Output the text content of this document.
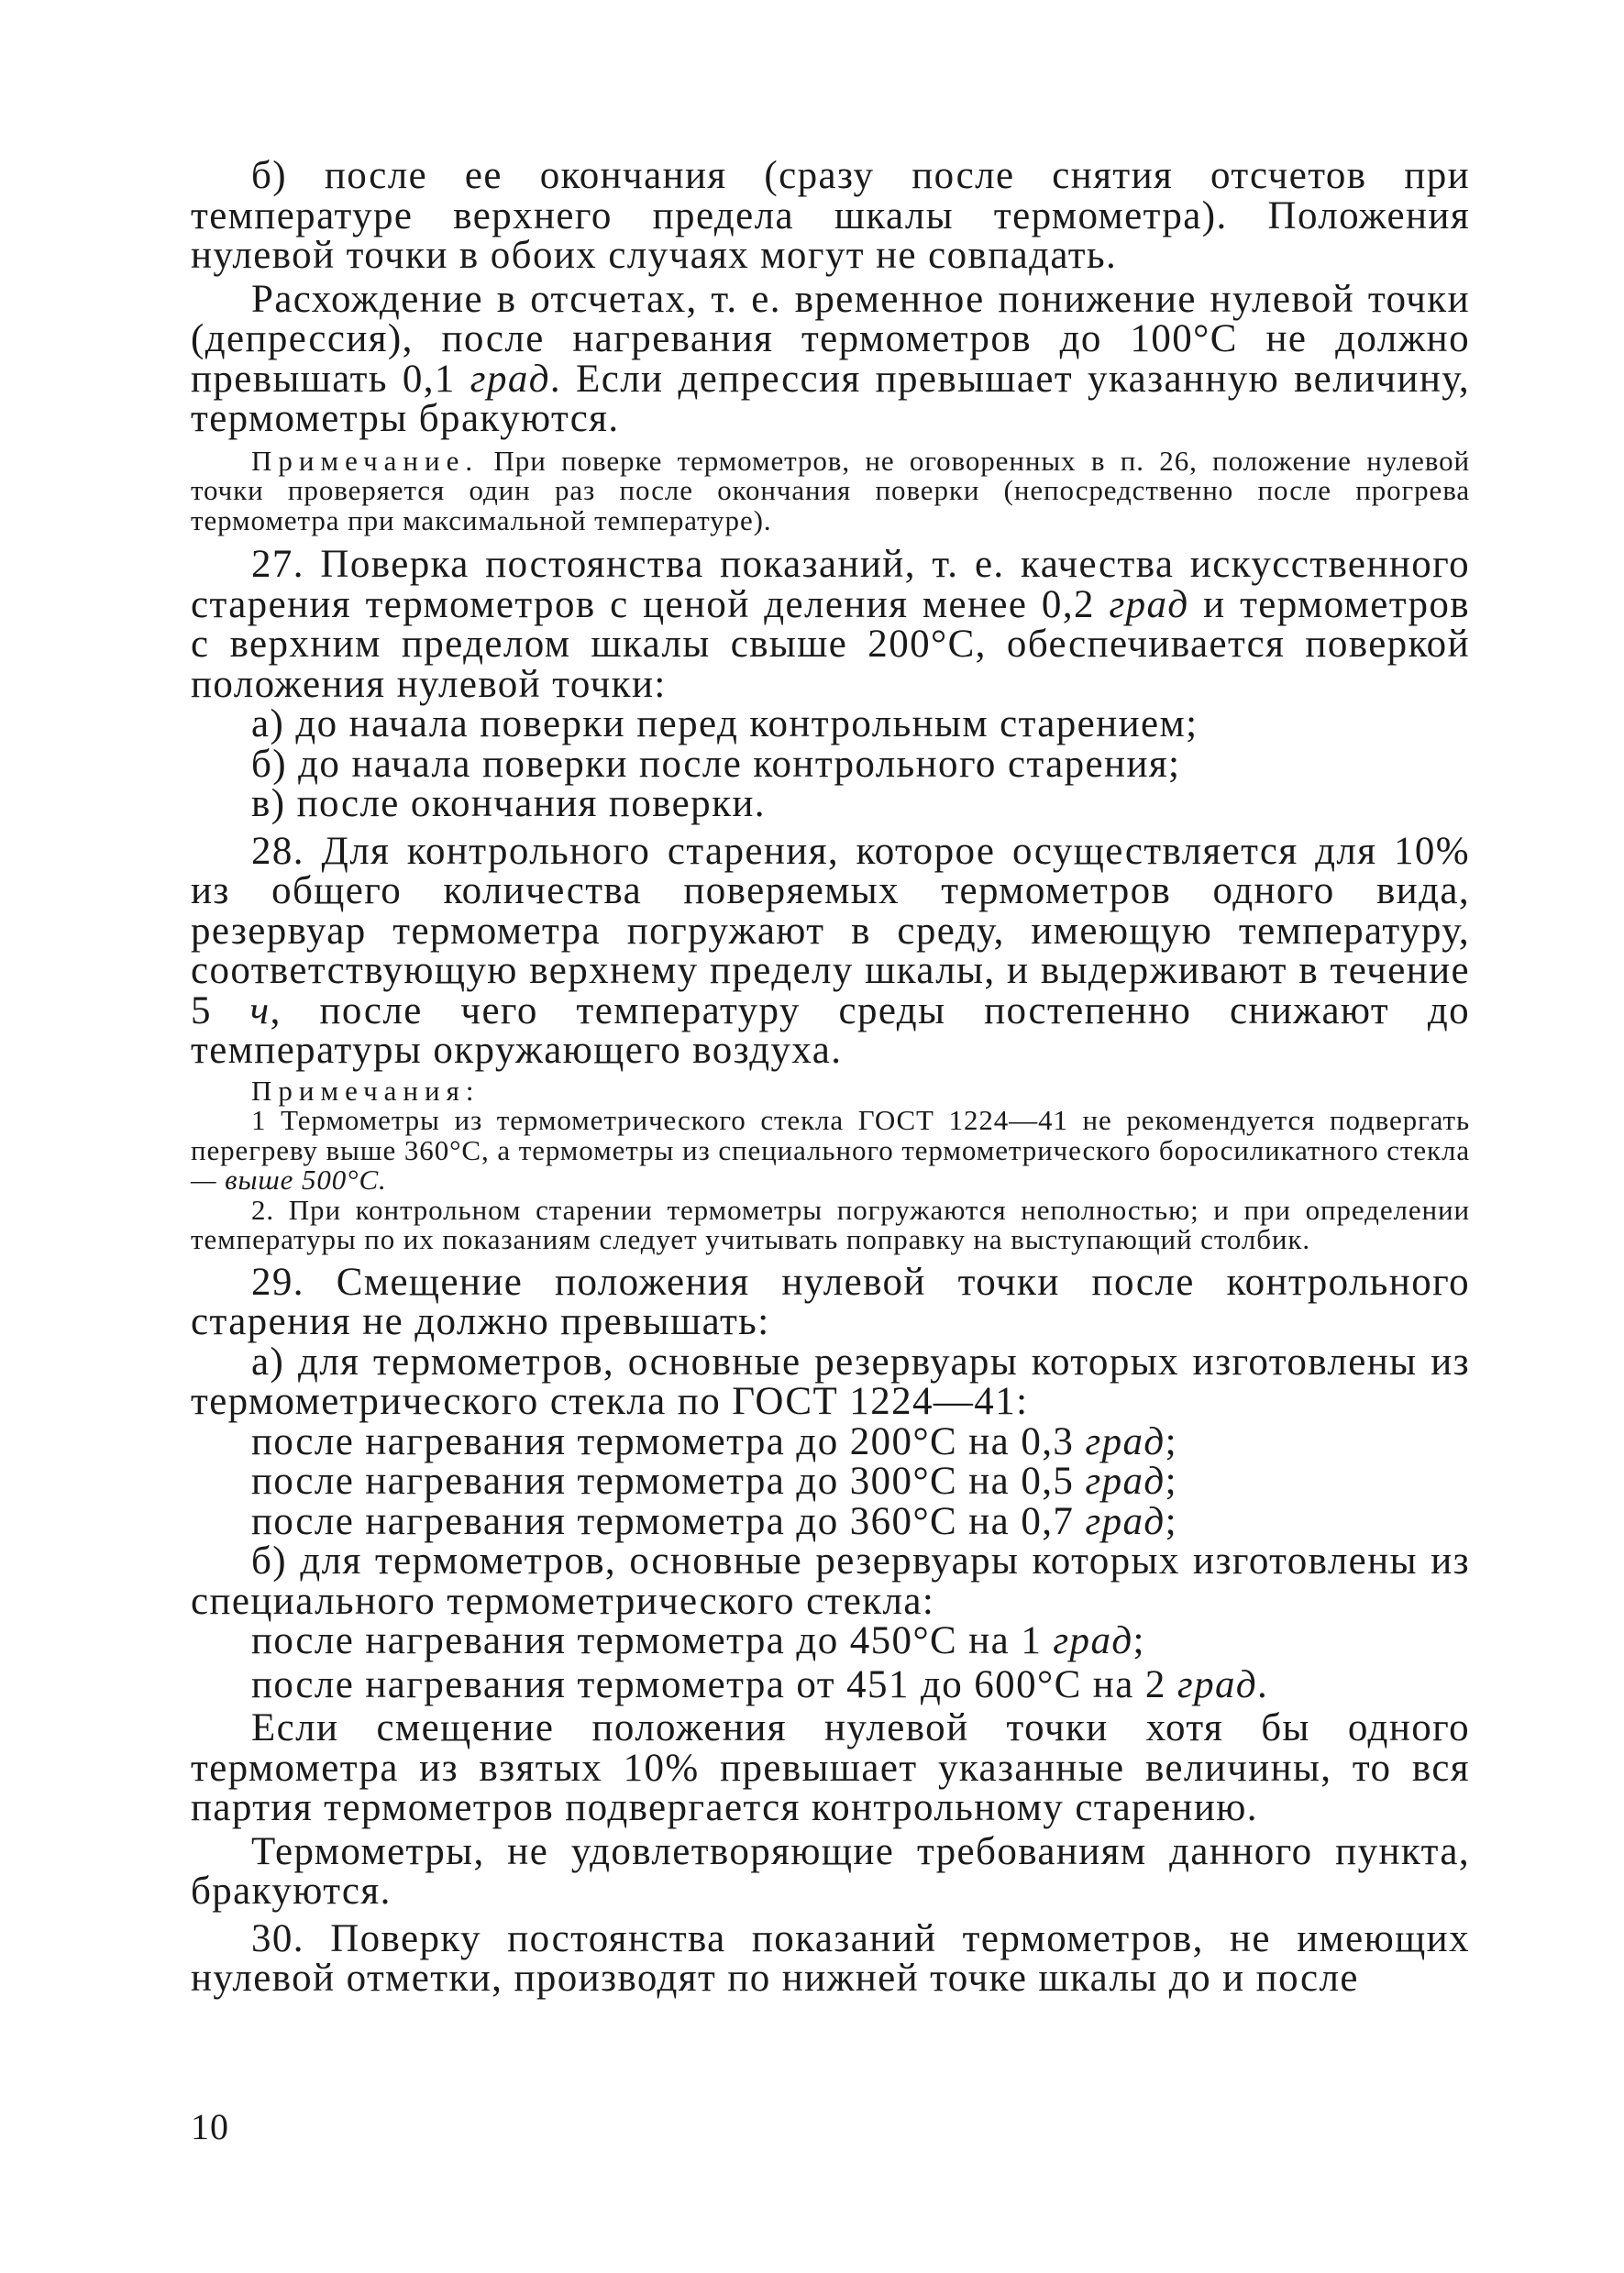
б) после ее окончания (сразу после снятия отсчетов при температуре верхнего предела шкалы термометра). Положения нулевой точки в обоих случаях могут не совпадать.

Расхождение в отсчетах, т. е. временное понижение нулевой точки (депрессия), после нагревания термометров до 100°С не должно превышать 0,1 град. Если депрессия превышает указанную величину, термометры бракуются.

Примечание. При поверке термометров, не оговоренных в п. 26, положение нулевой точки проверяется один раз после окончания поверки (непосредственно после прогрева термометра при максимальной температуре).

27. Поверка постоянства показаний, т. е. качества искусственного старения термометров с ценой деления менее 0,2 град и термометров с верхним пределом шкалы свыше 200°С, обеспечивается поверкой положения нулевой точки:

а) до начала поверки перед контрольным старением;

б) до начала поверки после контрольного старения;

в) после окончания поверки.

28. Для контрольного старения, которое осуществляется для 10% из общего количества поверяемых термометров одного вида, резервуар термометра погружают в среду, имеющую температуру, соответствующую верхнему пределу шкалы, и выдерживают в течение 5 ч, после чего температуру среды постепенно снижают до температуры окружающего воздуха.

Примечания:

1 Термометры из термометрического стекла ГОСТ 1224—41 не рекомендуется подвергать перегреву выше 360°С, а термометры из специального термометрического боросиликатного стекла — выше 500°С.

2. При контрольном старении термометры погружаются неполностью; и при определении температуры по их показаниям следует учитывать поправку на выступающий столбик.

29. Смещение положения нулевой точки после контрольного старения не должно превышать:

а) для термометров, основные резервуары которых изготовлены из термометрического стекла по ГОСТ 1224—41:

после нагревания термометра до 200°С на 0,3 град;

после нагревания термометра до 300°С на 0,5 град;

после нагревания термометра до 360°С на 0,7 град;

б) для термометров, основные резервуары которых изготовлены из специального термометрического стекла:

после нагревания термометра до 450°С на 1 град;

после нагревания термометра от 451 до 600°С на 2 град.

Если смещение положения нулевой точки хотя бы одного термометра из взятых 10% превышает указанные величины, то вся партия термометров подвергается контрольному старению.

Термометры, не удовлетворяющие требованиям данного пункта, бракуются.

30. Поверку постоянства показаний термометров, не имеющих нулевой отметки, производят по нижней точке шкалы до и после

10
